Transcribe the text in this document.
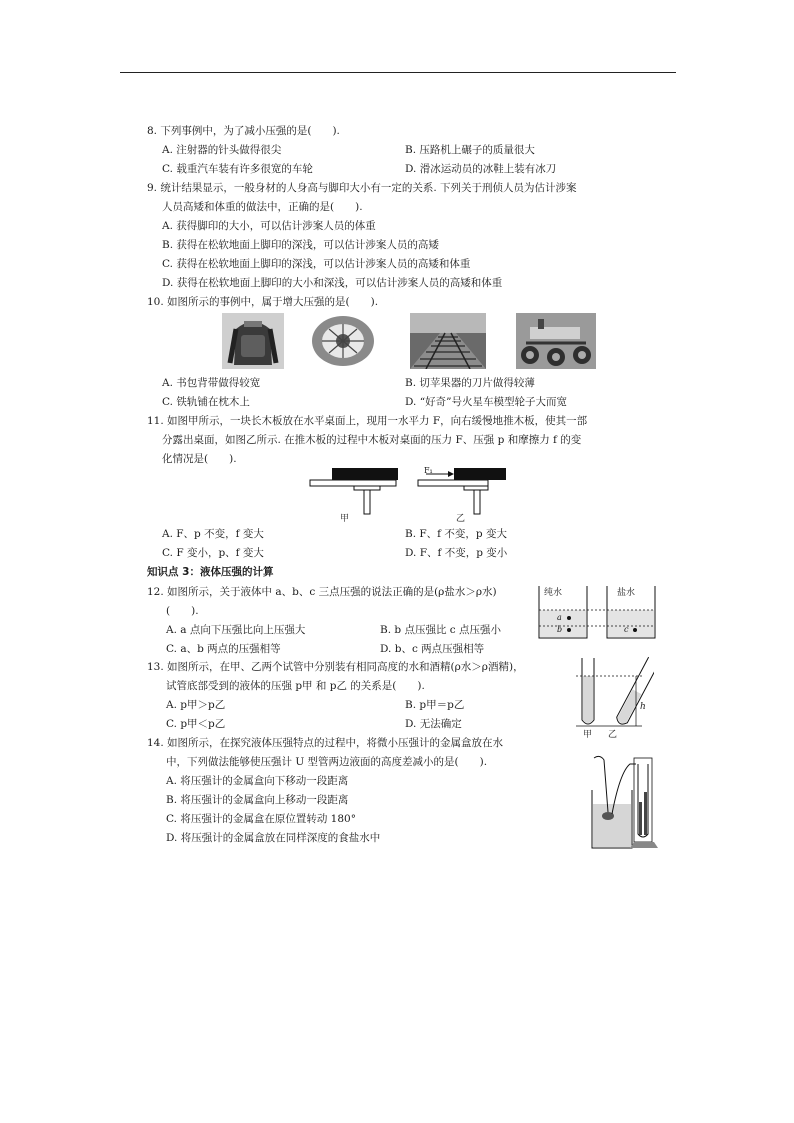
8. 下列事例中，为了减小压强的是(　　).
A. 注射器的针头做得很尖	B. 压路机上碾子的质量很大
C. 载重汽车装有许多很宽的车轮	D. 滑冰运动员的冰鞋上装有冰刀
9. 统计结果显示，一般身材的人身高与脚印大小有一定的关系. 下列关于刑侦人员为估计涉案
人员高矮和体重的做法中，正确的是(　　).
A. 获得脚印的大小，可以估计涉案人员的体重
B. 获得在松软地面上脚印的深浅，可以估计涉案人员的高矮
C. 获得在松软地面上脚印的深浅，可以估计涉案人员的高矮和体重
D. 获得在松软地面上脚印的大小和深浅，可以估计涉案人员的高矮和体重
10. 如图所示的事例中，属于增大压强的是(　　).
A. 书包背带做得较宽	B. 切苹果器的刀片做得较薄
C. 铁轨铺在枕木上	D. “好奇”号火星车模型轮子大而宽
11. 如图甲所示，一块长木板放在水平桌面上，现用一水平力 F，向右缓慢地推木板，使其一部
分露出桌面，如图乙所示. 在推木板的过程中木板对桌面的压力 F、压强 p 和摩擦力 f 的变
化情况是(　　).
甲
F₁
乙
A. F、p 不变，f 变大	B. F、f 不变，p 变大
C. F 变小，p、f 变大	D. F、f 不变，p 变小
知识点 3：液体压强的计算
12. 如图所示，关于液体中 a、b、c 三点压强的说法正确的是(ρ盐水＞ρ水)
(　　).
A. a 点向下压强比向上压强大	B. b 点压强比 c 点压强小
C. a、b 两点的压强相等	D. b、c 两点压强相等
纯水	盐水
a
b	c
13. 如图所示，在甲、乙两个试管中分别装有相同高度的水和酒精(ρ水＞ρ酒精)，
试管底部受到的液体的压强 p甲 和 p乙 的关系是(　　).
A. p甲＞p乙	B. p甲＝p乙
C. p甲＜p乙	D. 无法确定
甲 乙
h
14. 如图所示，在探究液体压强特点的过程中，将微小压强计的金属盒放在水
中，下列做法能够使压强计 U 型管两边液面的高度差减小的是(　　).
A. 将压强计的金属盒向下移动一段距离
B. 将压强计的金属盒向上移动一段距离
C. 将压强计的金属盒在原位置转动 180°
D. 将压强计的金属盒放在同样深度的食盐水中
